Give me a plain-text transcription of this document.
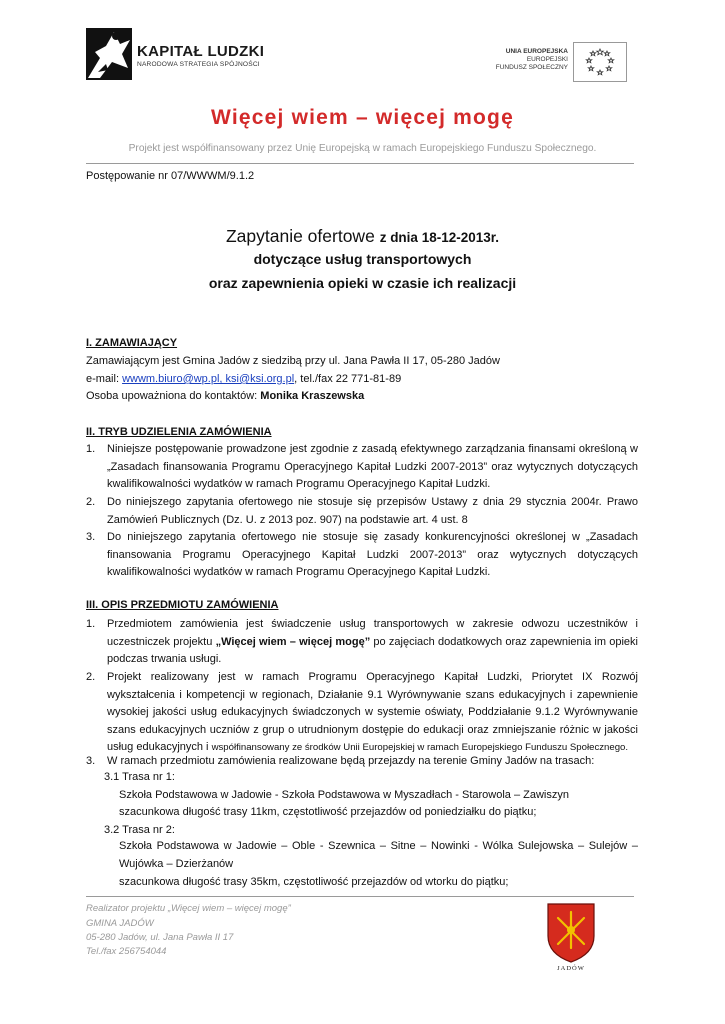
KAPITAŁ LUDZKI
NARODOWA STRATEGIA SPÓJNOŚCI
UNIA EUROPEJSKA
EUROPEJSKI
FUNDUSZ SPOŁECZNY
Więcej wiem – więcej mogę
Projekt jest współfinansowany przez Unię Europejską w ramach Europejskiego Funduszu Społecznego.
Postępowanie nr 07/WWWM/9.1.2
Zapytanie ofertowe z dnia 18-12-2013r.
dotyczące usług transportowych
oraz zapewnienia opieki w czasie ich realizacji
I. ZAMAWIAJĄCY
Zamawiającym jest Gmina Jadów z siedzibą przy ul. Jana Pawła II 17, 05-280 Jadów
e-mail: wwwm.biuro@wp.pl, ksi@ksi.org.pl, tel./fax 22 771-81-89
Osoba upoważniona do kontaktów: Monika Kraszewska
II. TRYB UDZIELENIA ZAMÓWIENIA
1. Niniejsze postępowanie prowadzone jest zgodnie z zasadą efektywnego zarządzania finansami określoną w „Zasadach finansowania Programu Operacyjnego Kapitał Ludzki 2007-2013” oraz wytycznych dotyczących kwalifikowalności wydatków w ramach Programu Operacyjnego Kapitał Ludzki.
2. Do niniejszego zapytania ofertowego nie stosuje się przepisów Ustawy z dnia 29 stycznia 2004r. Prawo Zamówień Publicznych (Dz. U. z 2013 poz. 907) na podstawie art. 4 ust. 8
3. Do niniejszego zapytania ofertowego nie stosuje się zasady konkurencyjności określonej w „Zasadach finansowania Programu Operacyjnego Kapitał Ludzki 2007-2013” oraz wytycznych dotyczących kwalifikowalności wydatków w ramach Programu Operacyjnego Kapitał Ludzki.
III. OPIS PRZEDMIOTU ZAMÓWIENIA
1. Przedmiotem zamówienia jest świadczenie usług transportowych w zakresie odwozu uczestników i uczestniczek projektu „Więcej wiem – więcej mogę” po zajęciach dodatkowych oraz zapewnienia im opieki podczas trwania usługi.
2. Projekt realizowany jest w ramach Programu Operacyjnego Kapitał Ludzki, Priorytet IX Rozwój wykształcenia i kompetencji w regionach, Działanie 9.1 Wyrównywanie szans edukacyjnych i zapewnienie wysokiej jakości usług edukacyjnych świadczonych w systemie oświaty, Poddziałanie 9.1.2 Wyrównywanie szans edukacyjnych uczniów z grup o utrudnionym dostępie do edukacji oraz zmniejszanie różnic w jakości usług edukacyjnych i współfinansowany ze środków Unii Europejskiej w ramach Europejskiego Funduszu Społecznego.
3. W ramach przedmiotu zamówienia realizowane będą przejazdy na terenie Gminy Jadów na trasach:
3.1 Trasa nr 1:
Szkoła Podstawowa w Jadowie - Szkoła Podstawowa w Myszadłach - Starowola – Zawiszyn
szacunkowa długość trasy 11km, częstotliwość przejazdów od poniedziałku do piątku;
3.2 Trasa nr 2:
Szkoła Podstawowa w Jadowie – Oble - Szewnica – Sitne – Nowinki - Wólka Sulejowska – Sulejów – Wujówka – Dzierżanów
szacunkowa długość trasy 35km, częstotliwość przejazdów od wtorku do piątku;
Realizator projektu „Więcej wiem – więcej mogę”
GMINA JADÓW
05-280 Jadów, ul. Jana Pawła II 17
Tel./fax 256754044
JADÓW
